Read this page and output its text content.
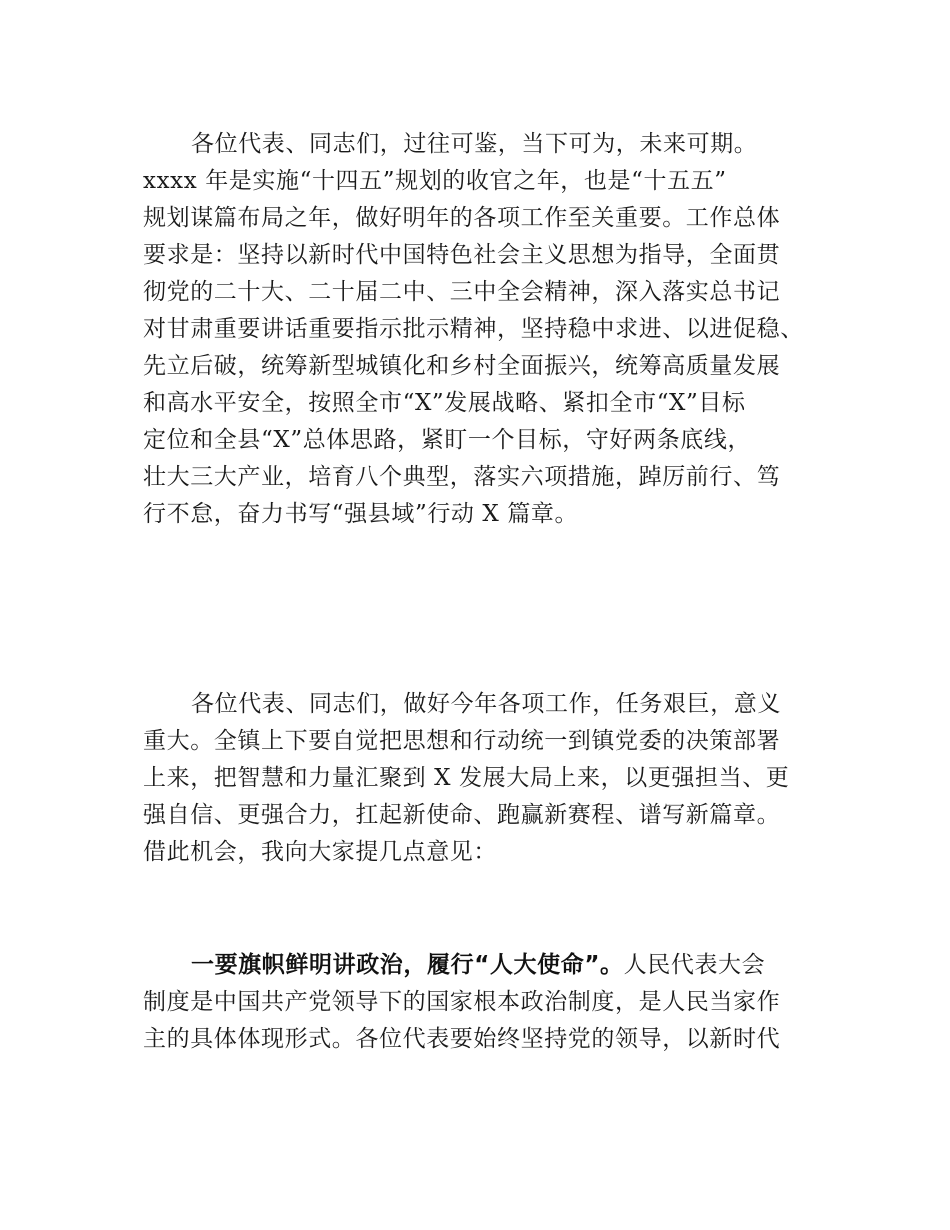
各位代表、同志们，过往可鉴，当下可为，未来可期。
xxxx 年是实施“十四五”规划的收官之年，也是“十五五”
规划谋篇布局之年，做好明年的各项工作至关重要。工作总体
要求是：坚持以新时代中国特色社会主义思想为指导，全面贯
彻党的二十大、二十届二中、三中全会精神，深入落实总书记
对甘肃重要讲话重要指示批示精神，坚持稳中求进、以进促稳、
先立后破，统筹新型城镇化和乡村全面振兴，统筹高质量发展
和高水平安全，按照全市“X”发展战略、紧扣全市“X”目标
定位和全县“X”总体思路，紧盯一个目标，守好两条底线，
壮大三大产业，培育八个典型，落实六项措施，踔厉前行、笃
行不怠，奋力书写“强县域”行动 X 篇章。
各位代表、同志们，做好今年各项工作，任务艰巨，意义
重大。全镇上下要自觉把思想和行动统一到镇党委的决策部署
上来，把智慧和力量汇聚到 X 发展大局上来，以更强担当、更
强自信、更强合力，扛起新使命、跑赢新赛程、谱写新篇章。
借此机会，我向大家提几点意见：
一要旗帜鲜明讲政治，履行“人大使命”。人民代表大会
制度是中国共产党领导下的国家根本政治制度，是人民当家作
主的具体体现形式。各位代表要始终坚持党的领导，以新时代
